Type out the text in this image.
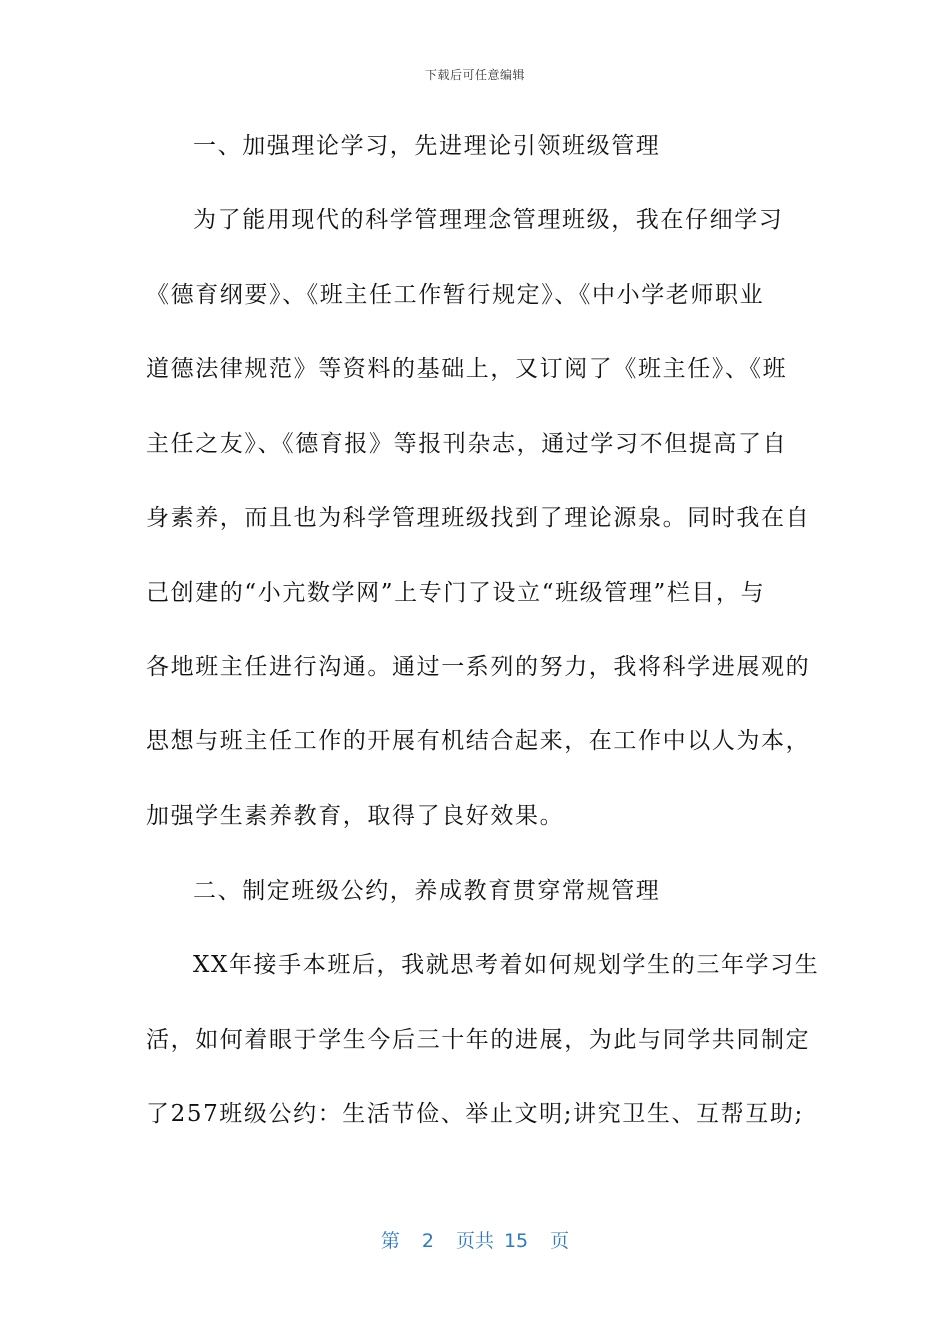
下载后可任意编辑
一、加强理论学习，先进理论引领班级管理
为了能用现代的科学管理理念管理班级，我在仔细学习
《德育纲要》、《班主任工作暂行规定》、《中小学老师职业
道德法律规范》等资料的基础上，又订阅了《班主任》、《班
主任之友》、《德育报》等报刊杂志，通过学习不但提高了自
身素养，而且也为科学管理班级找到了理论源泉。同时我在自
己创建的“小亢数学网”上专门了设立“班级管理”栏目，与
各地班主任进行沟通。通过一系列的努力，我将科学进展观的
思想与班主任工作的开展有机结合起来，在工作中以人为本，
加强学生素养教育，取得了良好效果。
二、制定班级公约，养成教育贯穿常规管理
XX年接手本班后，我就思考着如何规划学生的三年学习生
活，如何着眼于学生今后三十年的进展，为此与同学共同制定
了257班级公约：生活节俭、举止文明;讲究卫生、互帮互助;
第 2 页共 15 页
